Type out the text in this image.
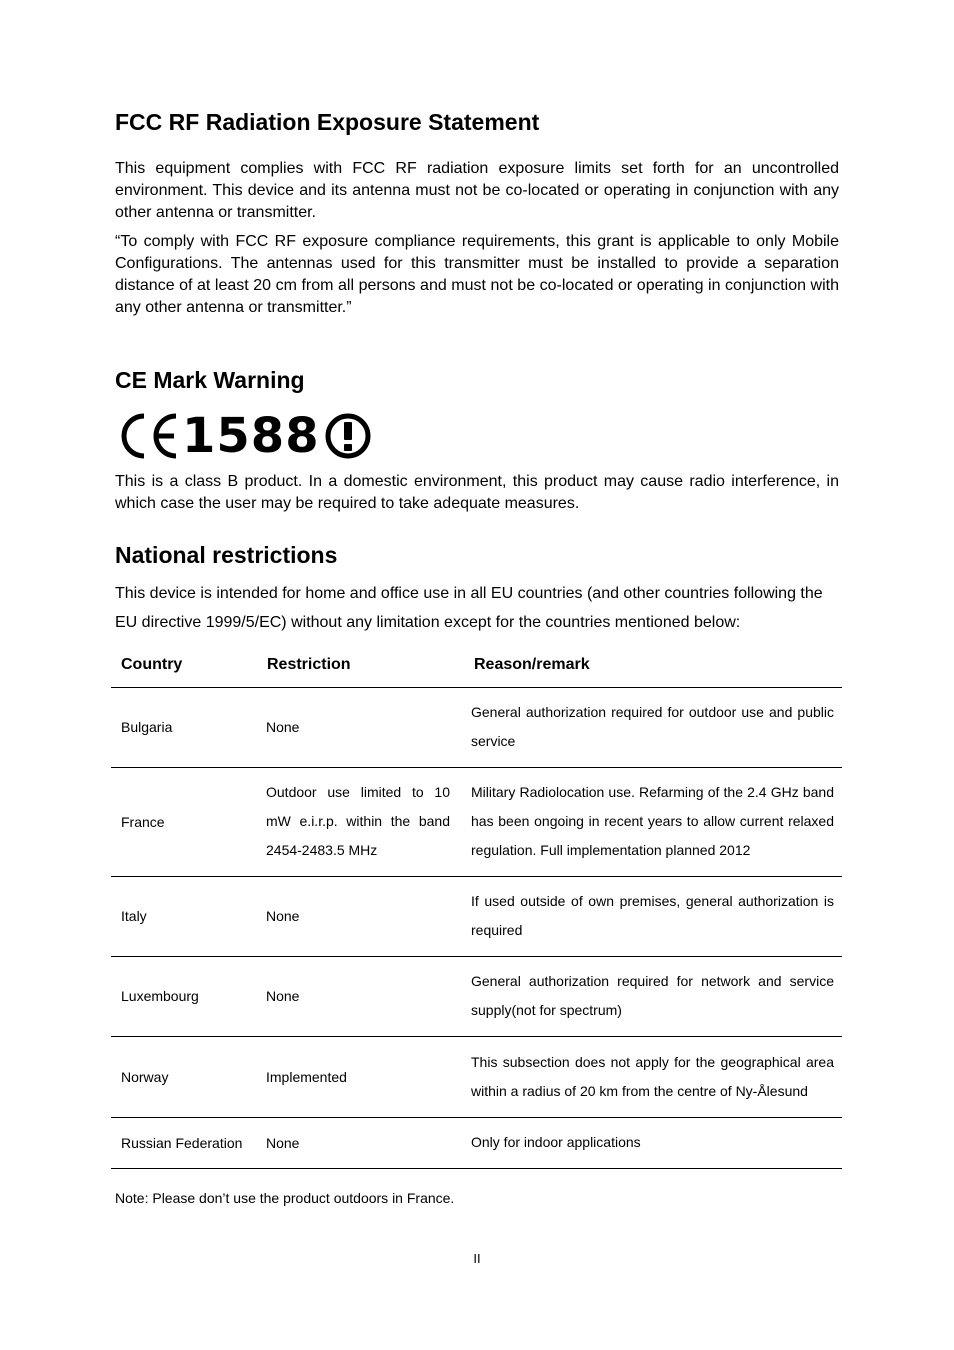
FCC RF Radiation Exposure Statement

This equipment complies with FCC RF radiation exposure limits set forth for an uncontrolled environment. This device and its antenna must not be co-located or operating in conjunction with any other antenna or transmitter.

“To comply with FCC RF exposure compliance requirements, this grant is applicable to only Mobile Configurations. The antennas used for this transmitter must be installed to provide a separation distance of at least 20 cm from all persons and must not be co-located or operating in conjunction with any other antenna or transmitter.”

CE Mark Warning
1588

This is a class B product. In a domestic environment, this product may cause radio interference, in which case the user may be required to take adequate measures.

National restrictions

This device is intended for home and office use in all EU countries (and other countries following the EU directive 1999/5/EC) without any limitation except for the countries mentioned below:

Country	Restriction	Reason/remark
Bulgaria	None	General authorization required for outdoor use and public service

France	Outdoor use limited to 10 mW e.i.r.p. within the band 2454-2483.5 MHz	Military Radiolocation use. Refarming of the 2.4 GHz band has been ongoing in recent years to allow current relaxed regulation. Full implementation planned 2012

Italy	None	If used outside of own premises, general authorization is required

Luxembourg	None	General authorization required for network and service supply(not for spectrum)

Norway	Implemented	This subsection does not apply for the geographical area within a radius of 20 km from the centre of Ny-Ålesund

Russian Federation	None	Only for indoor applications
Note: Please don’t use the product outdoors in France.
II
